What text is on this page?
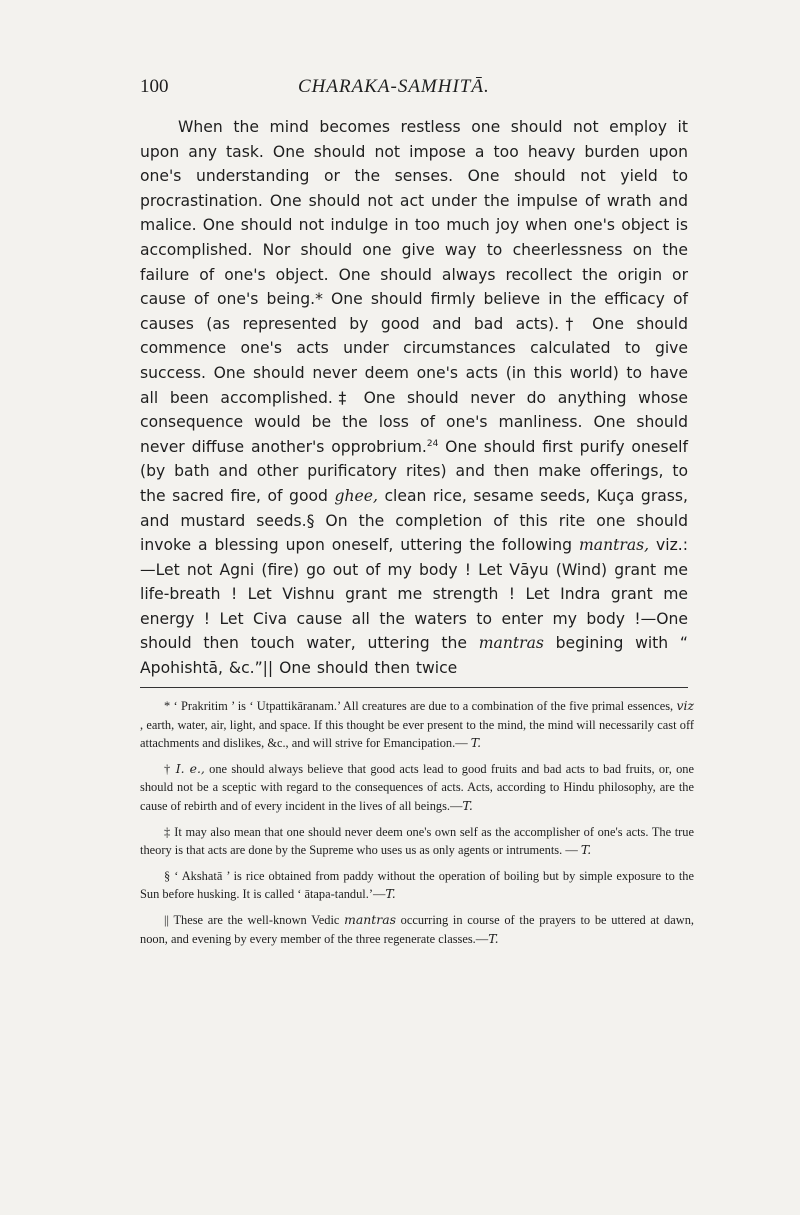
100	CHARAKA-SAMHITĀ.

When the mind becomes restless one should not employ it upon any task. One should not impose a too heavy burden upon one's understanding or the senses. One should not yield to procrastination. One should not act under the impulse of wrath and malice. One should not indulge in too much joy when one's object is accomplished. Nor should one give way to cheerlessness on the failure of one's object. One should always recollect the origin or cause of one's being.* One should firmly believe in the efficacy of causes (as represented by good and bad acts).† One should commence one's acts under circumstances calculated to give success. One should never deem one's acts (in this world) to have all been accomplished.‡ One should never do anything whose consequence would be the loss of one's manliness. One should never diffuse another's opprobrium.$^{24}$ One should first purify oneself (by bath and other purificatory rites) and then make offerings, to the sacred fire, of good ghee, clean rice, sesame seeds, Kuça grass, and mustard seeds.§ On the completion of this rite one should invoke a blessing upon oneself, uttering the following mantras, viz.:—Let not Agni (fire) go out of my body ! Let Vāyu (Wind) grant me life-breath ! Let Vishnu grant me strength ! Let Indra grant me energy ! Let Civa cause all the waters to enter my body !—One should then touch water, uttering the mantras begining with “ Apohishtā, &c.”|| One should then twice

* ‘ Prakritim ’ is ‘ Utpattikāranam.’ All creatures are due to a combination of the five primal essences, viz , earth, water, air, light, and space. If this thought be ever present to the mind, the mind will necessarily cast off attachments and dislikes, &c., and will strive for Emancipation.— T.

† I. e., one should always believe that good acts lead to good fruits and bad acts to bad fruits, or, one should not be a sceptic with regard to the consequences of acts. Acts, according to Hindu philosophy, are the cause of rebirth and of every incident in the lives of all beings.—T.

‡ It may also mean that one should never deem one's own self as the accomplisher of one's acts. The true theory is that acts are done by the Supreme who uses us as only agents or intruments. — T.

§ ‘ Akshatā ’ is rice obtained from paddy without the operation of boiling but by simple exposure to the Sun before husking. It is called ‘ ātapa-tandul.’—T.

|| These are the well-known Vedic mantras occurring in course of the prayers to be uttered at dawn, noon, and evening by every member of the three regenerate classes.—T.
